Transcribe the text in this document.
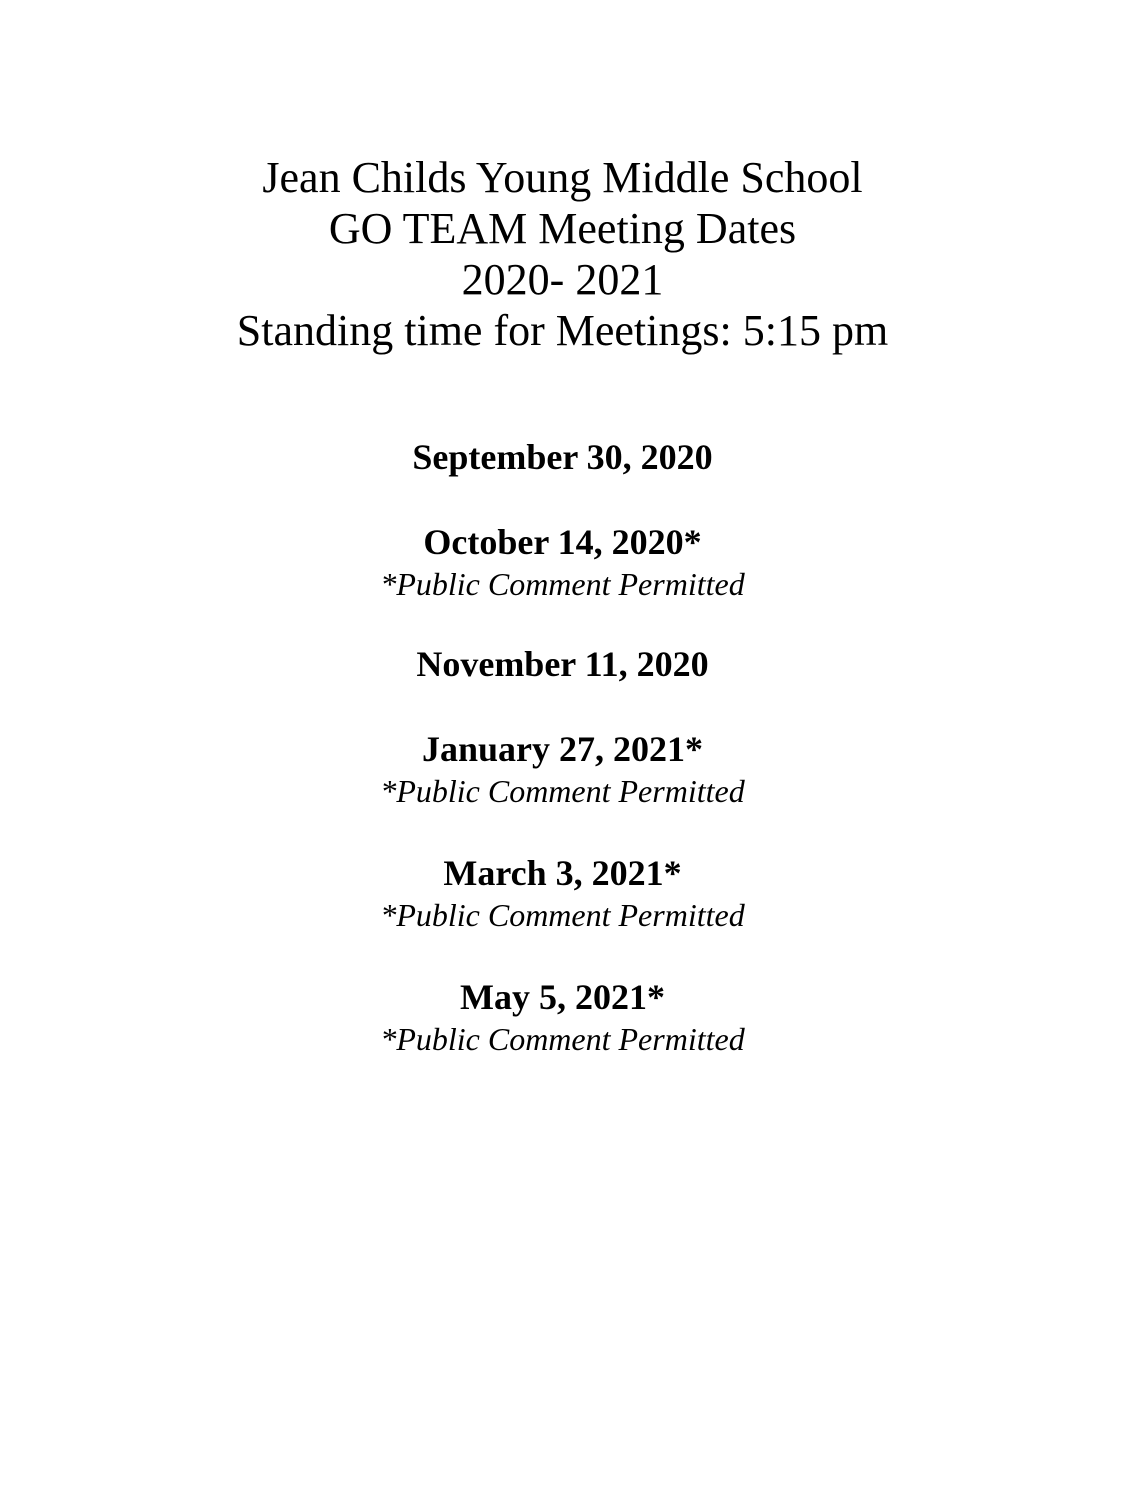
Jean Childs Young Middle School
GO TEAM Meeting Dates
2020- 2021
Standing time for Meetings: 5:15 pm
September 30, 2020
October 14, 2020*
*Public Comment Permitted
November 11, 2020
January 27, 2021*
*Public Comment Permitted
March 3, 2021*
*Public Comment Permitted
May 5, 2021*
*Public Comment Permitted
